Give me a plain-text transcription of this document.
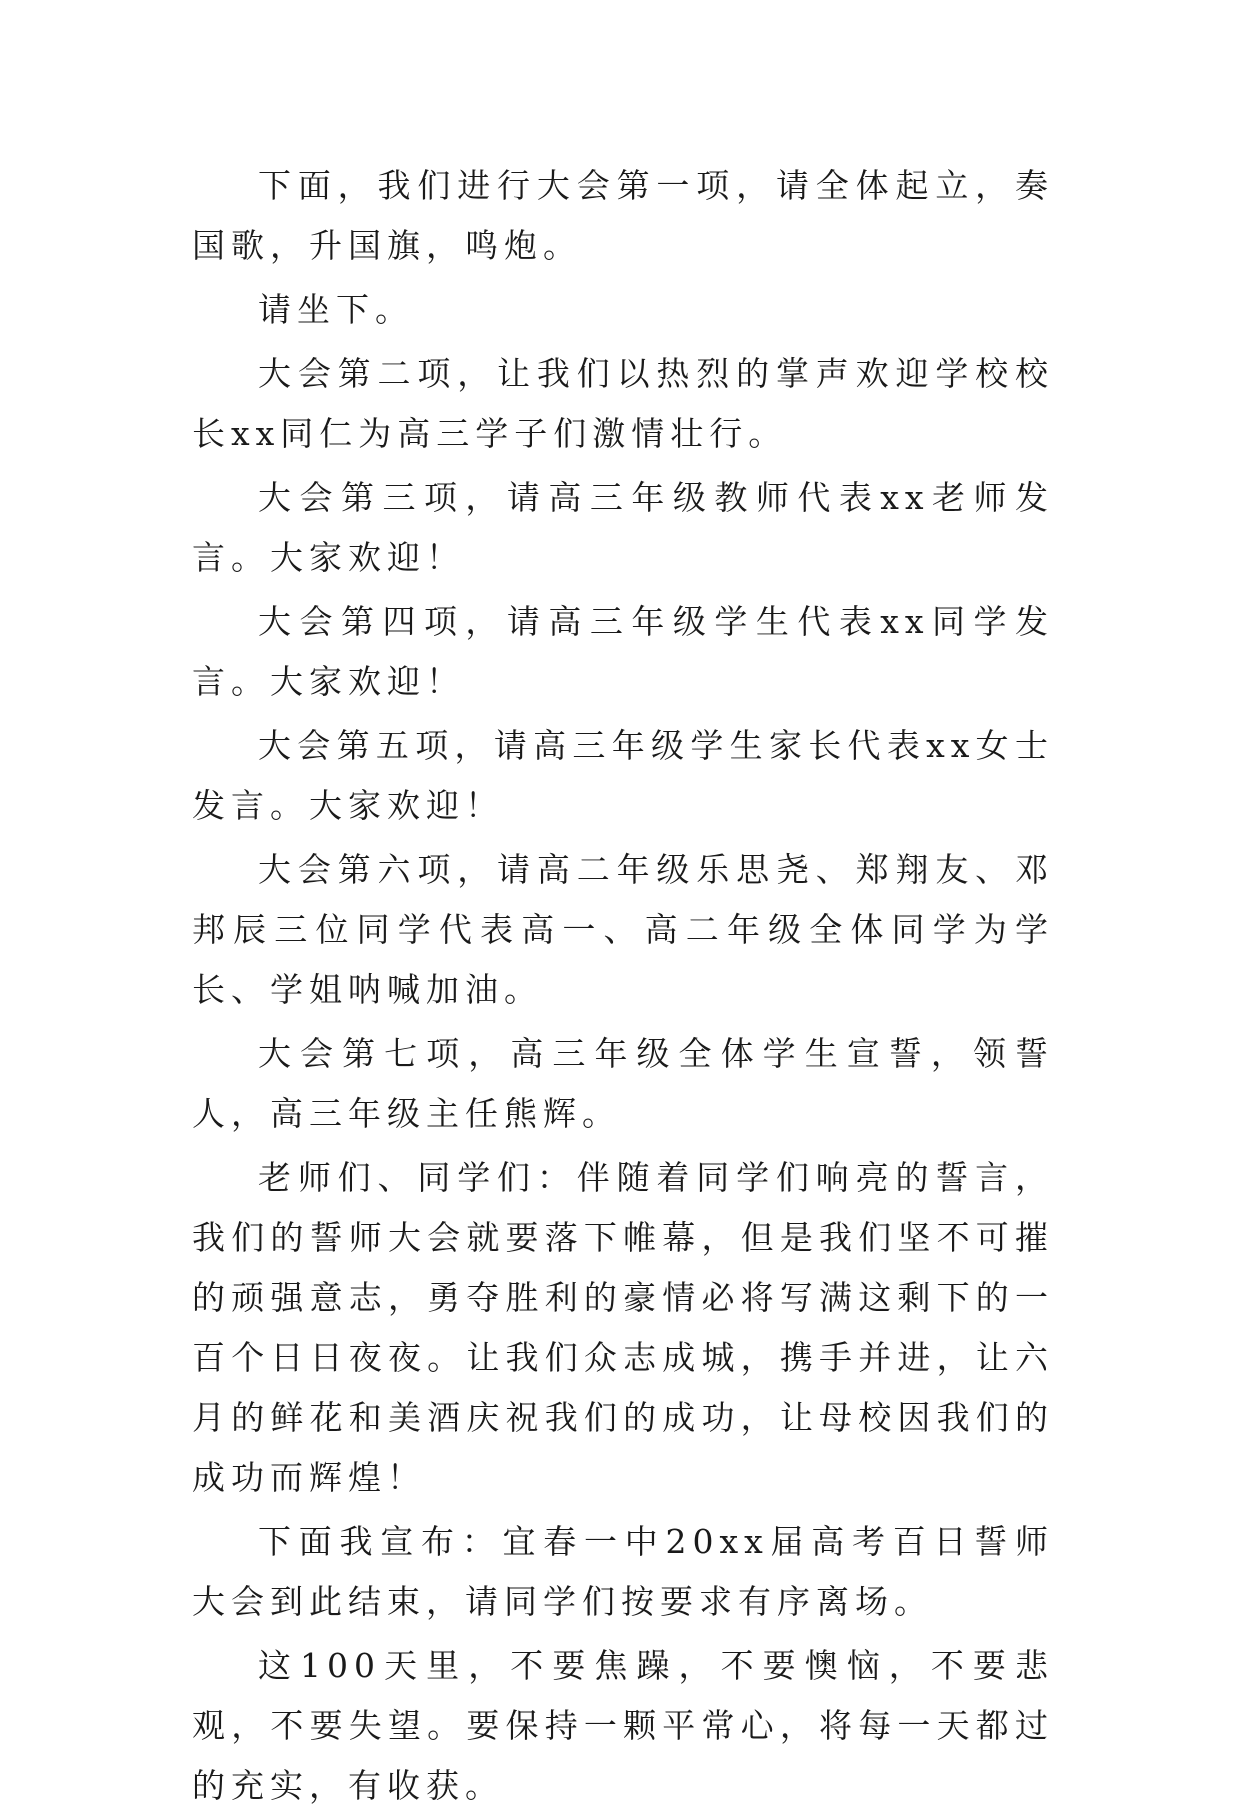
下面，我们进行大会第一项，请全体起立，奏国歌，升国旗，鸣炮。

请坐下。

大会第二项，让我们以热烈的掌声欢迎学校校长xx同仁为高三学子们激情壮行。

大会第三项，请高三年级教师代表xx老师发言。大家欢迎！

大会第四项，请高三年级学生代表xx同学发言。大家欢迎！

大会第五项，请高三年级学生家长代表xx女士发言。大家欢迎！

大会第六项，请高二年级乐思尧、郑翔友、邓邦辰三位同学代表高一、高二年级全体同学为学长、学姐呐喊加油。

大会第七项，高三年级全体学生宣誓，领誓人，高三年级主任熊辉。

老师们、同学们：伴随着同学们响亮的誓言，我们的誓师大会就要落下帷幕，但是我们坚不可摧的顽强意志，勇夺胜利的豪情必将写满这剩下的一百个日日夜夜。让我们众志成城，携手并进，让六月的鲜花和美酒庆祝我们的成功，让母校因我们的成功而辉煌！

下面我宣布：宜春一中20xx届高考百日誓师大会到此结束，请同学们按要求有序离场。

这100天里，不要焦躁，不要懊恼，不要悲观，不要失望。要保持一颗平常心，将每一天都过的充实，有收获。
